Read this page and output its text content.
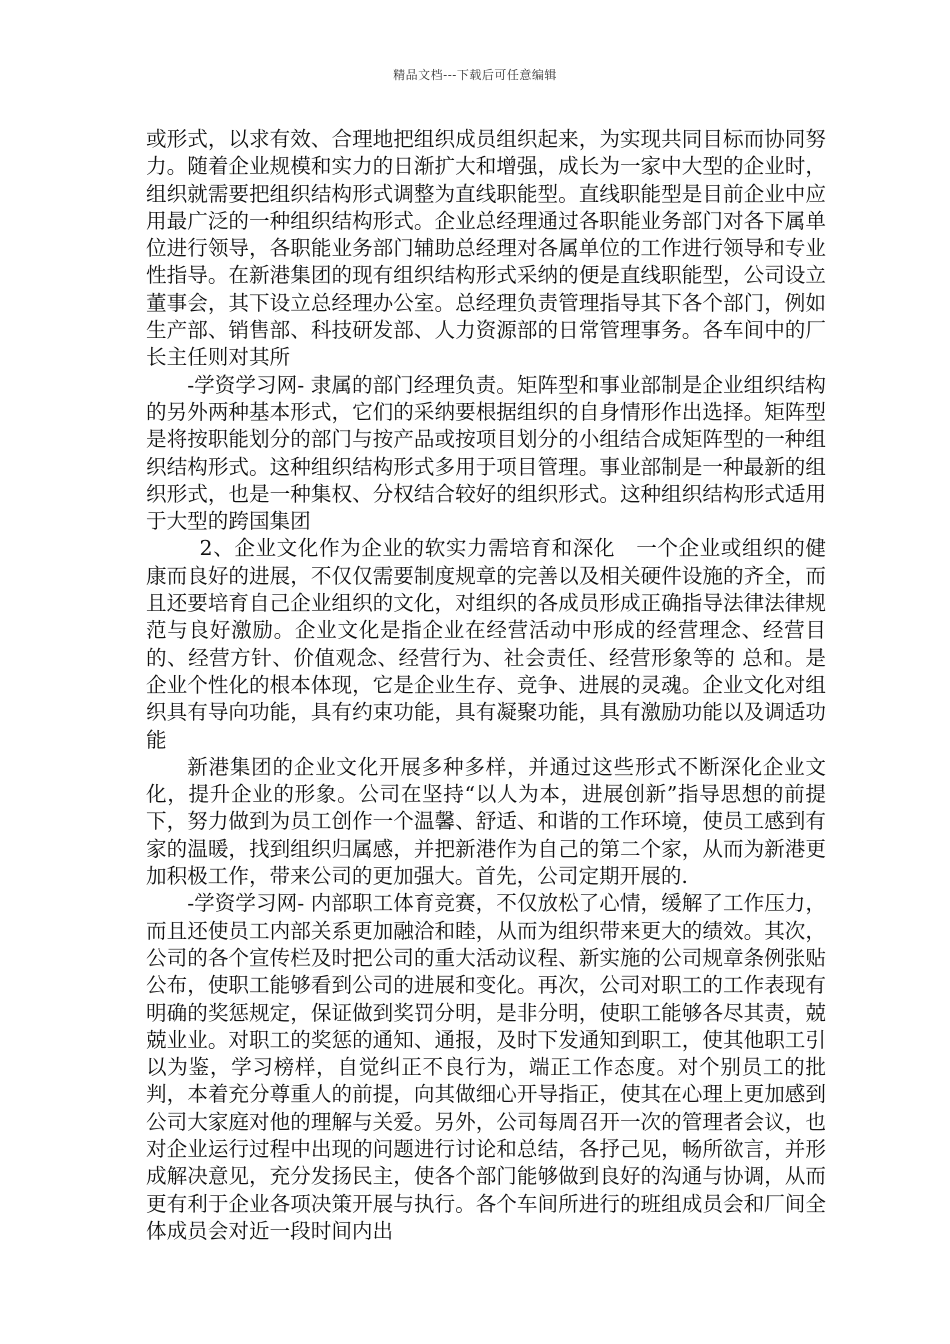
精品文档---下载后可任意编辑

或形式，以求有效、合理地把组织成员组织起来，为实现共同目标而协同努力。随着企业规模和实力的日渐扩大和增强，成长为一家中大型的企业时，组织就需要把组织结构形式调整为直线职能型。直线职能型是目前企业中应用最广泛的一种组织结构形式。企业总经理通过各职能业务部门对各下属单位进行领导，各职能业务部门辅助总经理对各属单位的工作进行领导和专业性指导。在新港集团的现有组织结构形式采纳的便是直线职能型，公司设立董事会，其下设立总经理办公室。总经理负责管理指导其下各个部门，例如生产部、销售部、科技研发部、人力资源部的日常管理事务。各车间中的厂长主任则对其所

-学资学习网- 隶属的部门经理负责。矩阵型和事业部制是企业组织结构的另外两种基本形式，它们的采纳要根据组织的自身情形作出选择。矩阵型是将按职能划分的部门与按产品或按项目划分的小组结合成矩阵型的一种组织结构形式。这种组织结构形式多用于项目管理。事业部制是一种最新的组织形式，也是一种集权、分权结合较好的组织形式。这种组织结构形式适用于大型的跨国集团

2、企业文化作为企业的软实力需培育和深化　一个企业或组织的健康而良好的进展，不仅仅需要制度规章的完善以及相关硬件设施的齐全，而且还要培育自己企业组织的文化，对组织的各成员形成正确指导法律法律规范与良好激励。企业文化是指企业在经营活动中形成的经营理念、经营目的、经营方针、价值观念、经营行为、社会责任、经营形象等的 总和。是企业个性化的根本体现，它是企业生存、竞争、进展的灵魂。企业文化对组织具有导向功能，具有约束功能，具有凝聚功能，具有激励功能以及调适功能

新港集团的企业文化开展多种多样，并通过这些形式不断深化企业文化，提升企业的形象。公司在坚持“以人为本，进展创新”指导思想的前提下，努力做到为员工创作一个温馨、舒适、和谐的工作环境，使员工感到有家的温暖，找到组织归属感，并把新港作为自己的第二个家，从而为新港更加积极工作，带来公司的更加强大。首先，公司定期开展的.

-学资学习网- 内部职工体育竞赛，不仅放松了心情，缓解了工作压力，而且还使员工内部关系更加融洽和睦，从而为组织带来更大的绩效。其次，公司的各个宣传栏及时把公司的重大活动议程、新实施的公司规章条例张贴公布，使职工能够看到公司的进展和变化。再次，公司对职工的工作表现有明确的奖惩规定，保证做到奖罚分明，是非分明，使职工能够各尽其责，兢兢业业。对职工的奖惩的通知、通报，及时下发通知到职工，使其他职工引以为鉴，学习榜样，自觉纠正不良行为，端正工作态度。对个别员工的批判，本着充分尊重人的前提，向其做细心开导指正，使其在心理上更加感到公司大家庭对他的理解与关爱。另外，公司每周召开一次的管理者会议，也对企业运行过程中出现的问题进行讨论和总结，各抒己见，畅所欲言，并形成解决意见，充分发扬民主，使各个部门能够做到良好的沟通与协调，从而更有利于企业各项决策开展与执行。各个车间所进行的班组成员会和厂间全体成员会对近一段时间内出
